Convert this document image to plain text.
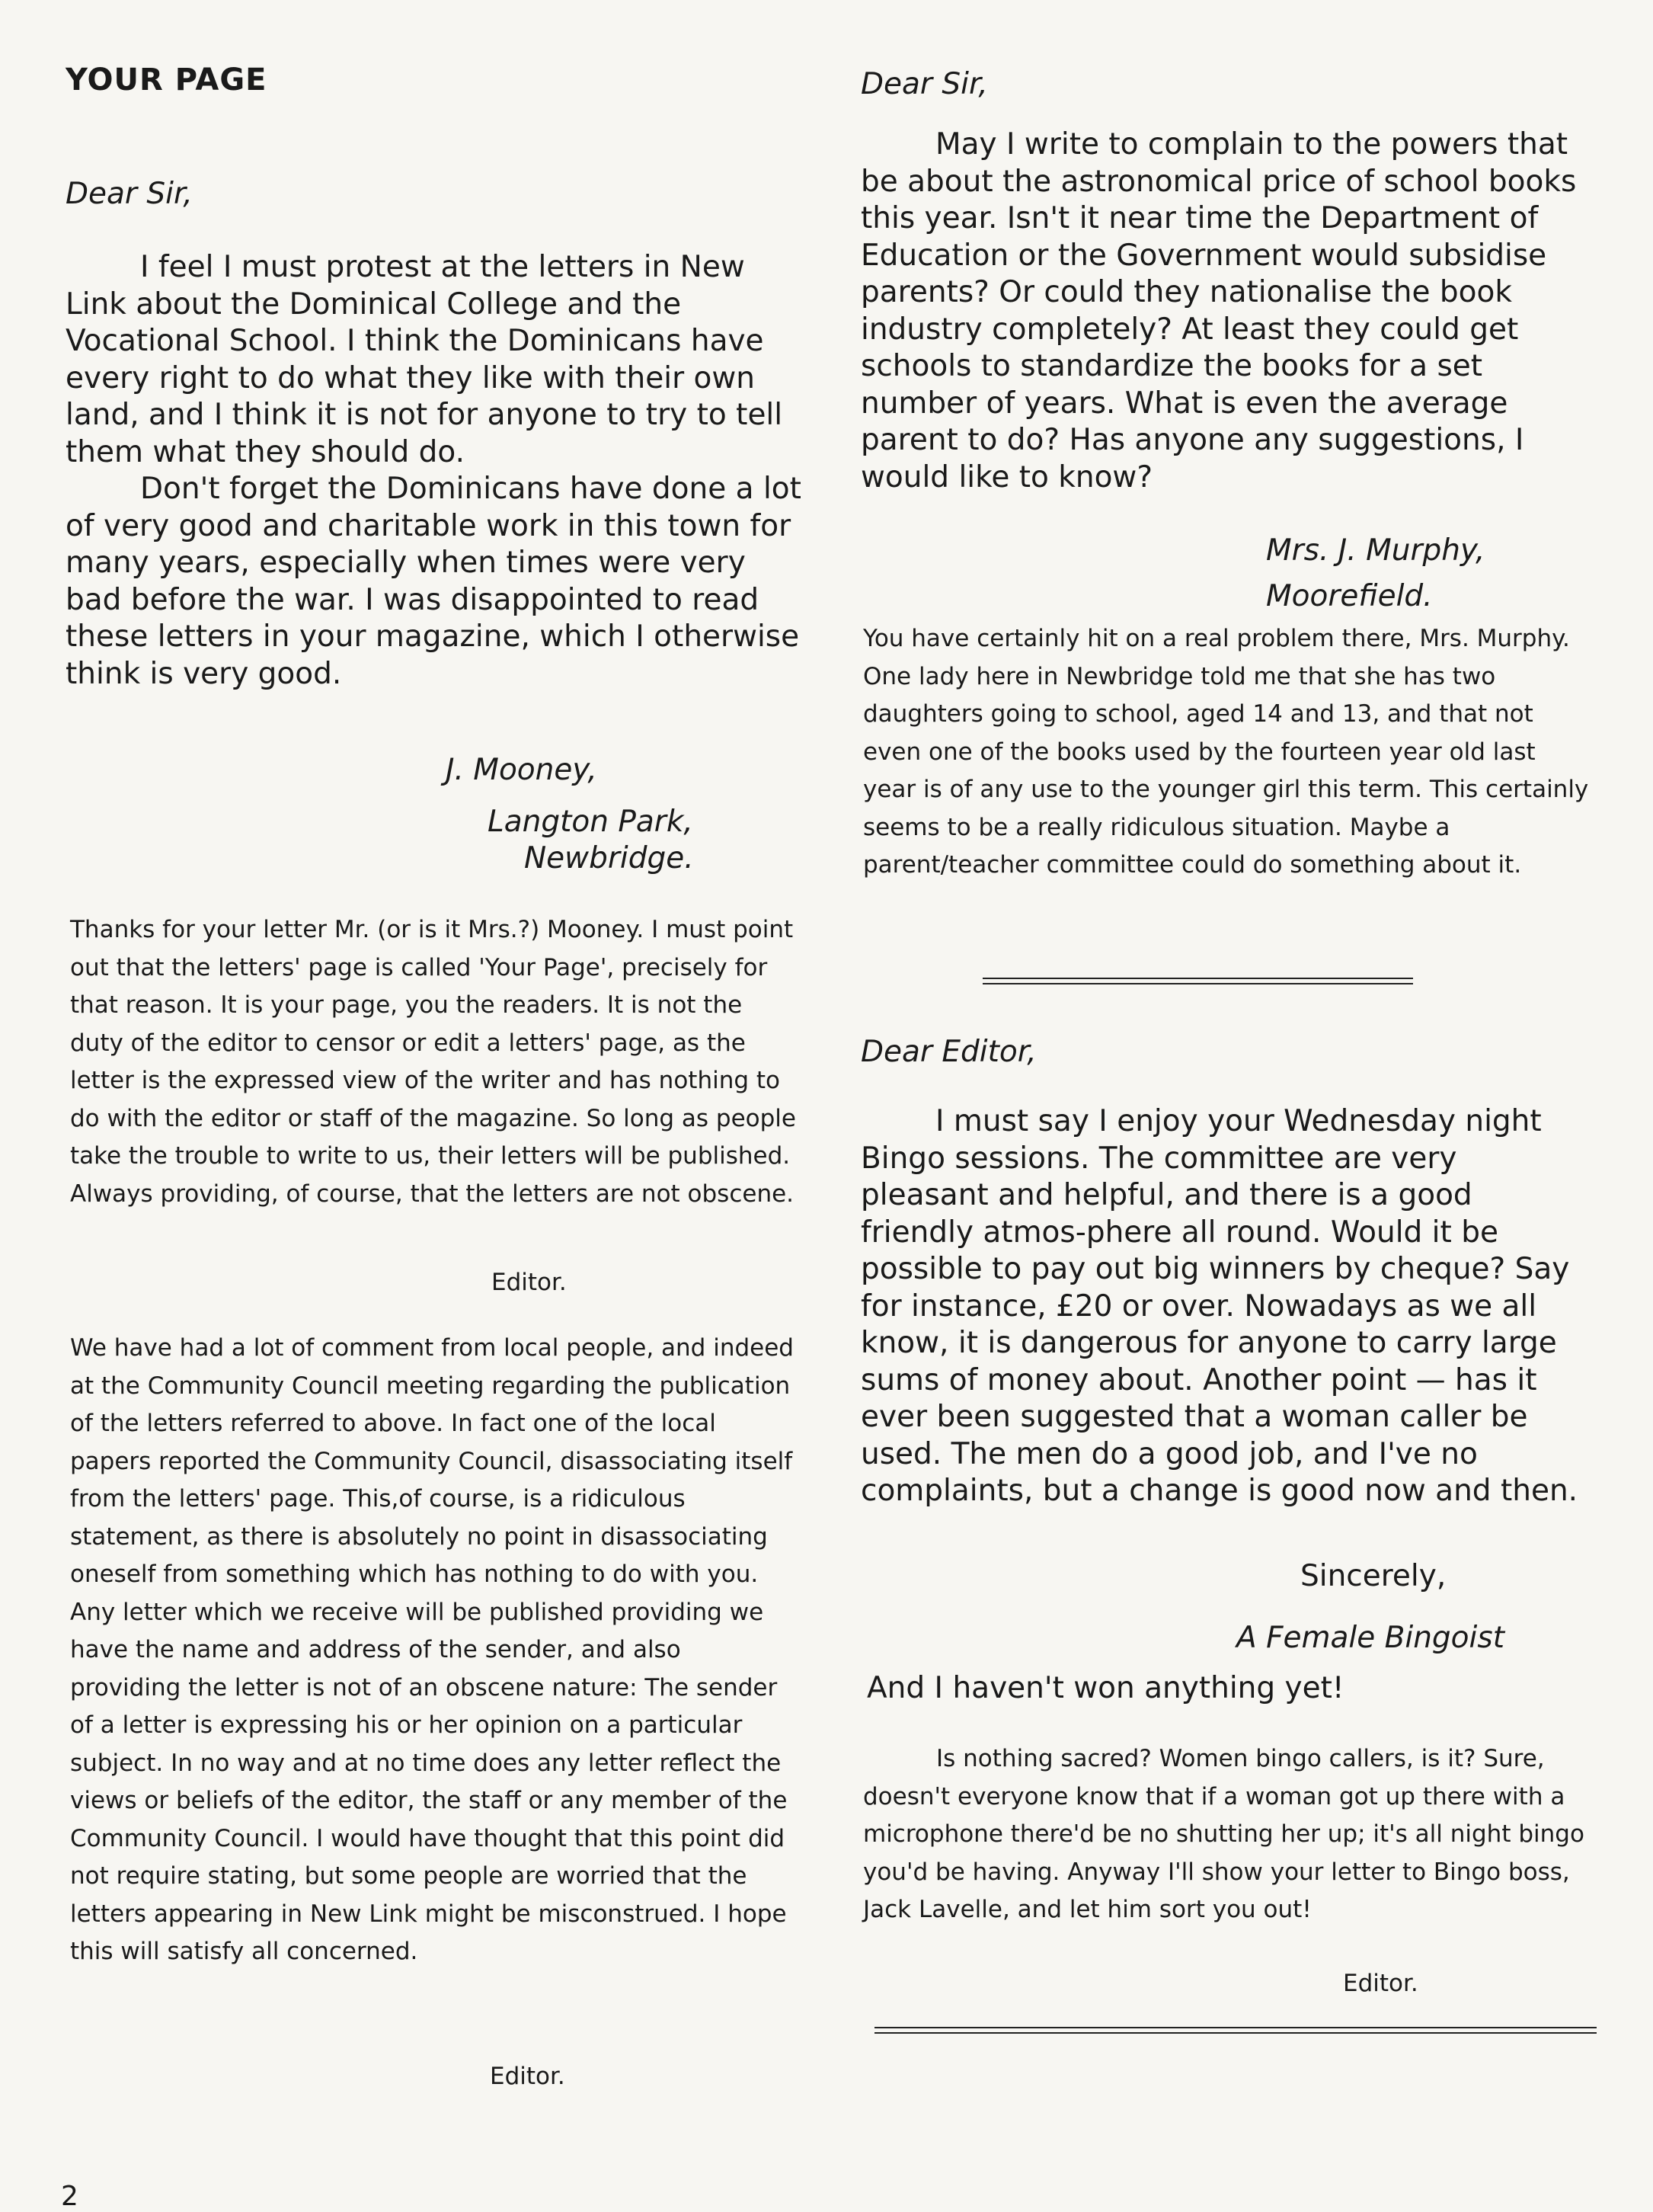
YOUR PAGE
Dear Sir,

I feel I must protest at the letters in New Link about the Dominical College and the Vocational School. I think the Dominicans have every right to do what they like with their own land, and I think it is not for anyone to try to tell them what they should do.

Don't forget the Dominicans have done a lot of very good and charitable work in this town for many years, especially when times were very bad before the war. I was disappointed to read these letters in your magazine, which I otherwise think is very good.

J. Mooney,
Langton Park,
Newbridge.

Thanks for your letter Mr. (or is it Mrs.?) Mooney. I must point out that the letters' page is called 'Your Page', precisely for that reason. It is your page, you the readers. It is not the duty of the editor to censor or edit a letters' page, as the letter is the expressed view of the writer and has nothing to do with the editor or staff of the magazine. So long as people take the trouble to write to us, their letters will be published. Always providing, of course, that the letters are not obscene.

Editor.

We have had a lot of comment from local people, and indeed at the Community Council meeting regarding the publication of the letters referred to above. In fact one of the local papers reported the Community Council, disassociating itself from the letters' page. This,of course, is a ridiculous statement, as there is absolutely no point in disassociating oneself from something which has nothing to do with you. Any letter which we receive will be published providing we have the name and address of the sender, and also providing the letter is not of an obscene nature: The sender of a letter is expressing his or her opinion on a particular subject. In no way and at no time does any letter reflect the views or beliefs of the editor, the staff or any member of the Community Council. I would have thought that this point did not require stating, but some people are worried that the letters appearing in New Link might be misconstrued. I hope this will satisfy all concerned.

Editor.
Dear Sir,

May I write to complain to the powers that be about the astronomical price of school books this year. Isn't it near time the Department of Education or the Government would subsidise parents? Or could they nationalise the book industry completely? At least they could get schools to standardize the books for a set number of years. What is even the average parent to do? Has anyone any suggestions, I would like to know?

Mrs. J. Murphy,
Moorefield.

You have certainly hit on a real problem there, Mrs. Murphy. One lady here in Newbridge told me that she has two daughters going to school, aged 14 and 13, and that not even one of the books used by the fourteen year old last year is of any use to the younger girl this term. This certainly seems to be a really ridiculous situation. Maybe a parent/teacher committee could do something about it.

Dear Editor,

I must say I enjoy your Wednesday night Bingo sessions. The committee are very pleasant and helpful, and there is a good friendly atmos-phere all round. Would it be possible to pay out big winners by cheque? Say for instance, £20 or over. Nowadays as we all know, it is dangerous for anyone to carry large sums of money about. Another point — has it ever been suggested that a woman caller be used. The men do a good job, and I've no complaints, but a change is good now and then.

Sincerely,
A Female Bingoist
And I haven't won anything yet!

Is nothing sacred? Women bingo callers, is it? Sure, doesn't everyone know that if a woman got up there with a microphone there'd be no shutting her up; it's all night bingo you'd be having. Anyway I'll show your letter to Bingo boss, Jack Lavelle, and let him sort you out!

Editor.
2
